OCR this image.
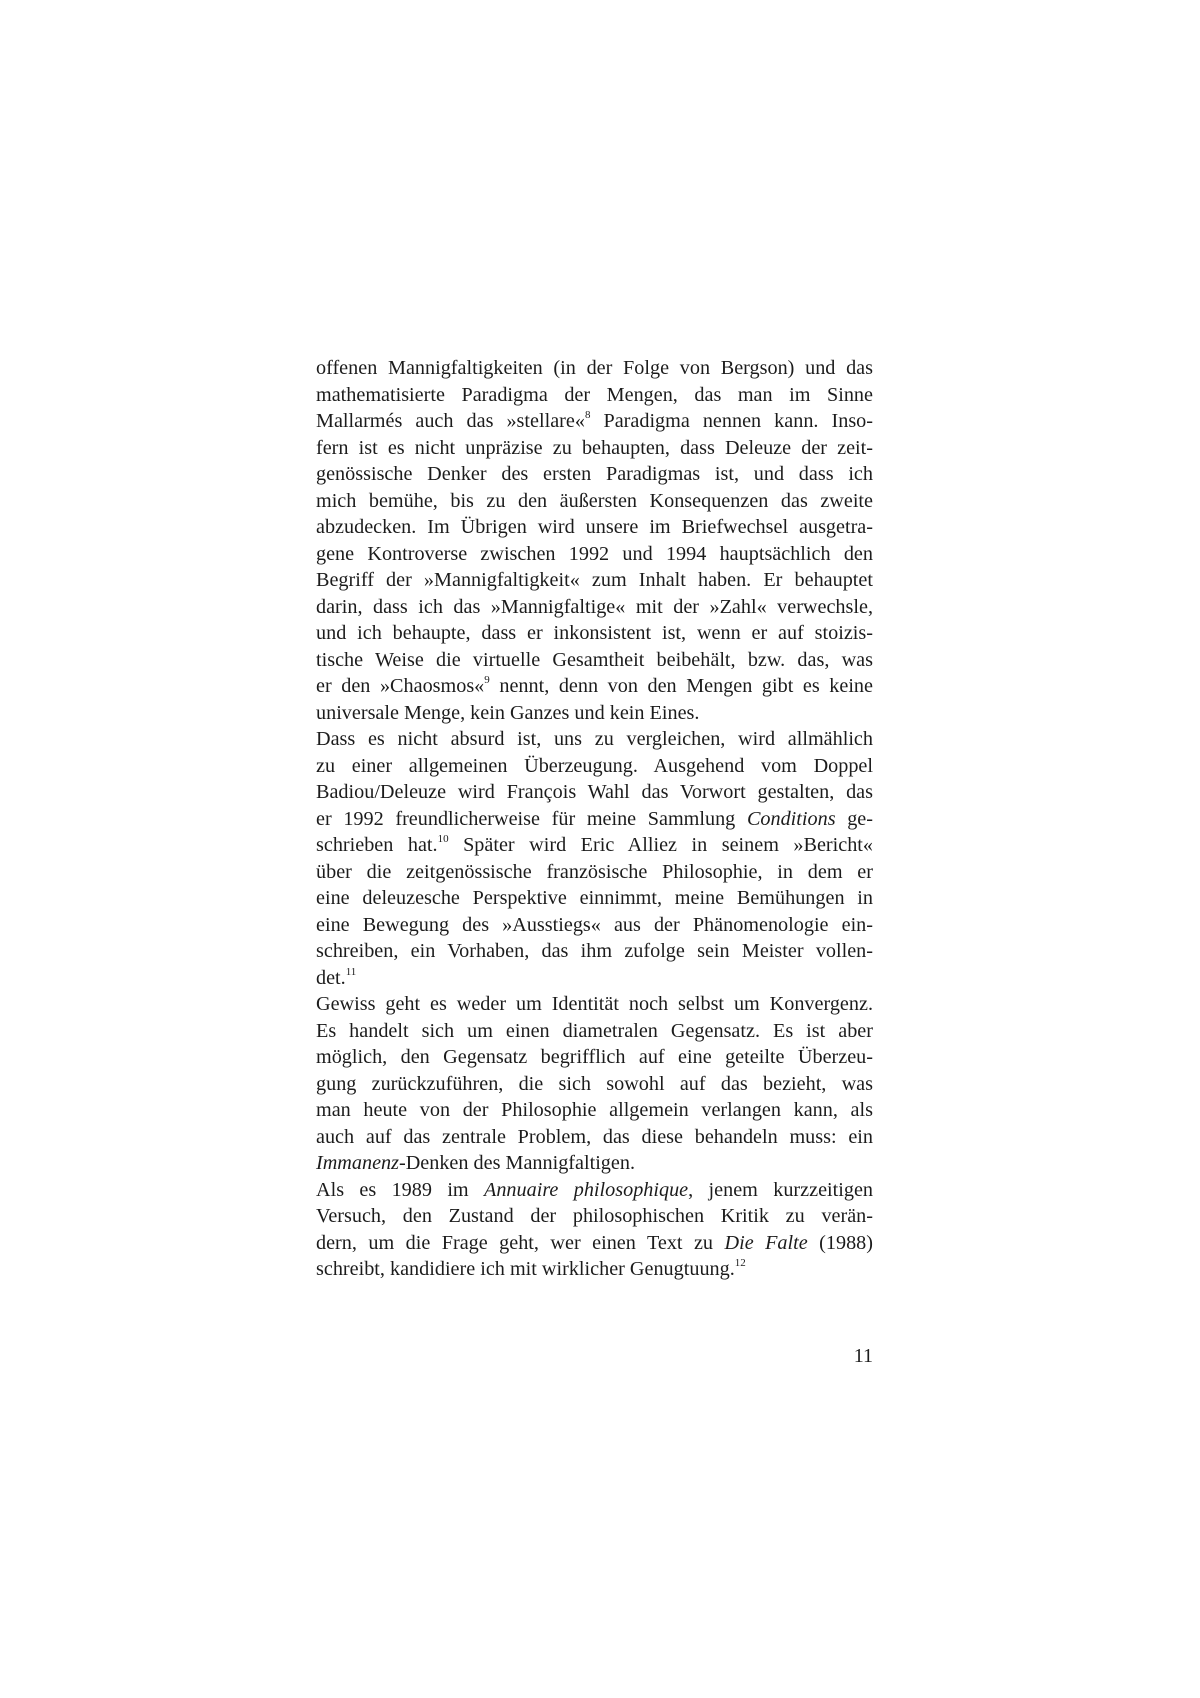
offenen Mannigfaltigkeiten (in der Folge von Bergson) und das
mathematisierte Paradigma der Mengen, das man im Sinne
Mallarmés auch das »stellare«$^8$ Paradigma nennen kann. Inso-
fern ist es nicht unpräzise zu behaupten, dass Deleuze der zeit-
genössische Denker des ersten Paradigmas ist, und dass ich
mich bemühe, bis zu den äußersten Konsequenzen das zweite
abzudecken. Im Übrigen wird unsere im Briefwechsel ausgetra-
gene Kontroverse zwischen 1992 und 1994 hauptsächlich den
Begriff der »Mannigfaltigkeit« zum Inhalt haben. Er behauptet
darin, dass ich das »Mannigfaltige« mit der »Zahl« verwechsle,
und ich behaupte, dass er inkonsistent ist, wenn er auf stoizis-
tische Weise die virtuelle Gesamtheit beibehält, bzw. das, was
er den »Chaosmos«$^9$ nennt, denn von den Mengen gibt es keine
universale Menge, kein Ganzes und kein Eines.
Dass es nicht absurd ist, uns zu vergleichen, wird allmählich
zu einer allgemeinen Überzeugung. Ausgehend vom Doppel
Badiou/Deleuze wird François Wahl das Vorwort gestalten, das
er 1992 freundlicherweise für meine Sammlung Conditions ge-
schrieben hat.$^{10}$ Später wird Eric Alliez in seinem »Bericht«
über die zeitgenössische französische Philosophie, in dem er
eine deleuzesche Perspektive einnimmt, meine Bemühungen in
eine Bewegung des »Ausstiegs« aus der Phänomenologie ein-
schreiben, ein Vorhaben, das ihm zufolge sein Meister vollen-
det.$^{11}$
Gewiss geht es weder um Identität noch selbst um Konvergenz.
Es handelt sich um einen diametralen Gegensatz. Es ist aber
möglich, den Gegensatz begrifflich auf eine geteilte Überzeu-
gung zurückzuführen, die sich sowohl auf das bezieht, was
man heute von der Philosophie allgemein verlangen kann, als
auch auf das zentrale Problem, das diese behandeln muss: ein
Immanenz-Denken des Mannigfaltigen.
Als es 1989 im Annuaire philosophique, jenem kurzzeitigen
Versuch, den Zustand der philosophischen Kritik zu verän-
dern, um die Frage geht, wer einen Text zu Die Falte (1988)
schreibt, kandidiere ich mit wirklicher Genugtuung.$^{12}$
11
